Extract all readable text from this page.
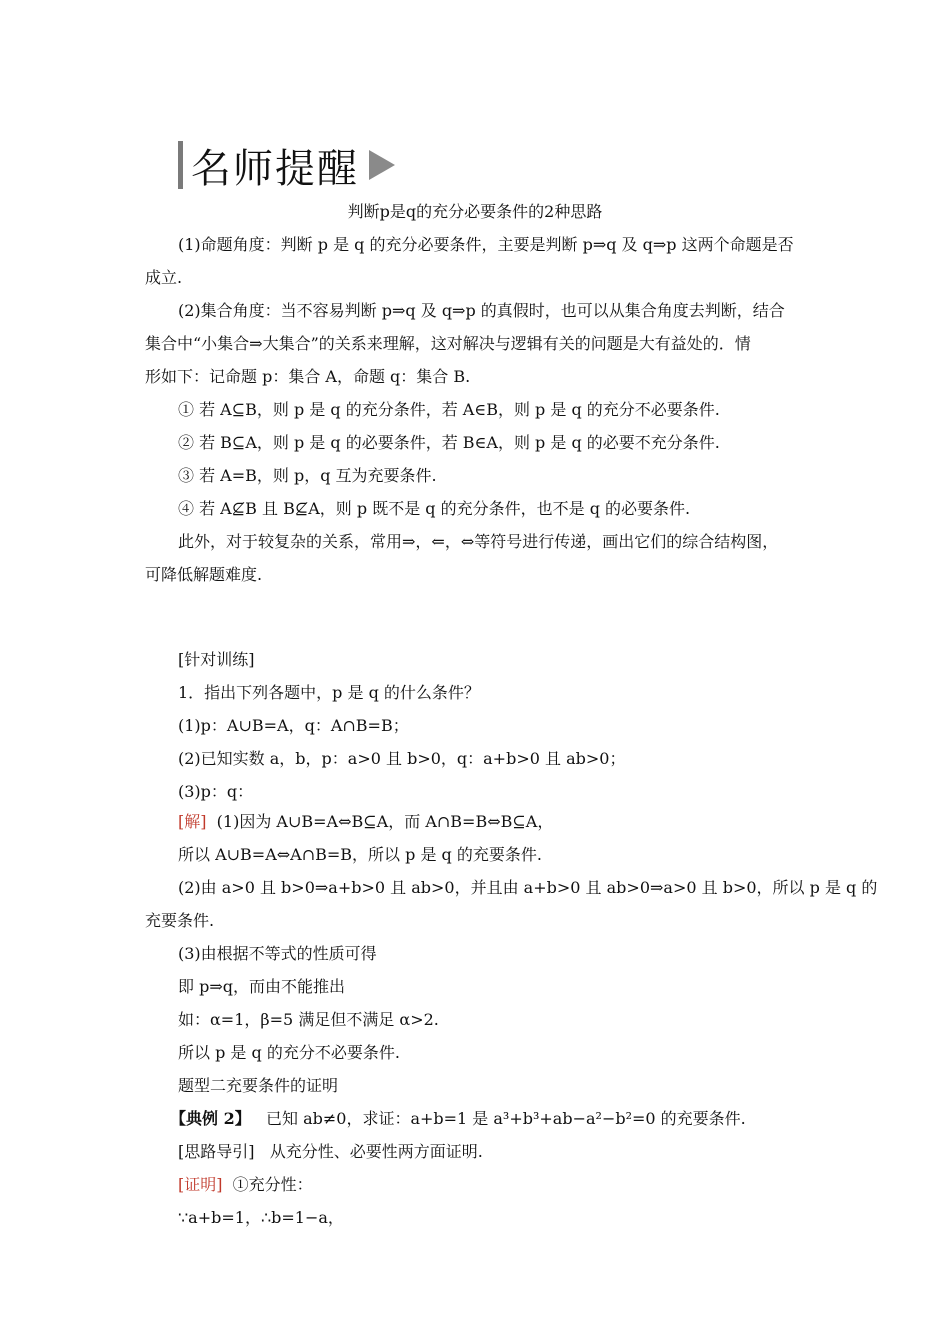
名师提醒
判断p是q的充分必要条件的2种思路
(1)命题角度：判断 p 是 q 的充分必要条件，主要是判断 p⇒q 及 q⇒p 这两个命题是否
成立.
(2)集合角度：当不容易判断 p⇒q 及 q⇒p 的真假时，也可以从集合角度去判断，结合
集合中“小集合⇒大集合”的关系来理解，这对解决与逻辑有关的问题是大有益处的．情
形如下：记命题 p：集合 A，命题 q：集合 B.
① 若 A⊆B，则 p 是 q 的充分条件，若 A∈B，则 p 是 q 的充分不必要条件.
② 若 B⊆A，则 p 是 q 的必要条件，若 B∈A，则 p 是 q 的必要不充分条件.
③ 若 A=B，则 p，q 互为充要条件.
④ 若 A⊈B 且 B⊈A，则 p 既不是 q 的充分条件，也不是 q 的必要条件.
此外，对于较复杂的关系，常用⇒，⇐，⇔等符号进行传递，画出它们的综合结构图，
可降低解题难度.
[针对训练]
1．指出下列各题中，p 是 q 的什么条件？
(1)p：A∪B=A，q：A∩B=B；
(2)已知实数 a，b，p：a>0 且 b>0，q：a+b>0 且 ab>0；
(3)p：q：
[解] (1)因为 A∪B=A⇔B⊆A，而 A∩B=B⇔B⊆A，
所以 A∪B=A⇔A∩B=B，所以 p 是 q 的充要条件.
(2)由 a>0 且 b>0⇒a+b>0 且 ab>0，并且由 a+b>0 且 ab>0⇒a>0 且 b>0，所以 p 是 q 的
充要条件.
(3)由根据不等式的性质可得
即 p⇒q，而由不能推出
如：α=1，β=5 满足但不满足 α>2.
所以 p 是 q 的充分不必要条件.
题型二充要条件的证明
【典例 2】 已知 ab≠0，求证：a+b=1 是 a³+b³+ab−a²−b²=0 的充要条件.
[思路导引] 从充分性、必要性两方面证明.
[证明] ①充分性：
∵a+b=1，∴b=1−a，
